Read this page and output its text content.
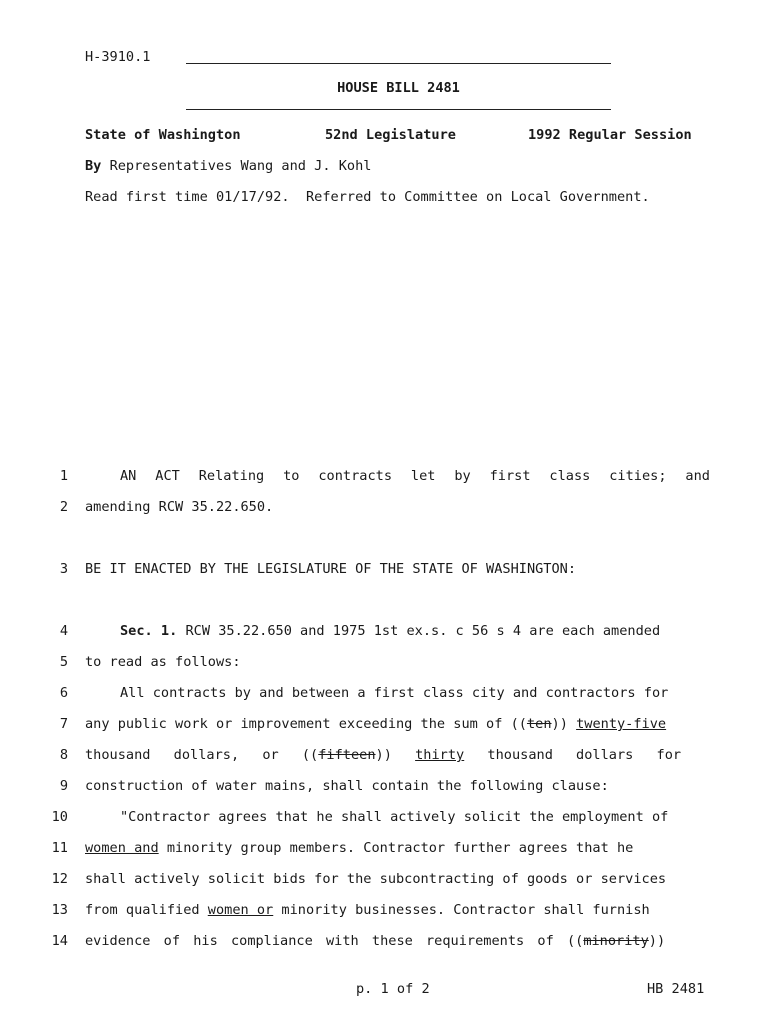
H-3910.1
HOUSE BILL 2481
State of Washington	52nd Legislature	1992 Regular Session
By Representatives Wang and J. Kohl
Read first time 01/17/92.  Referred to Committee on Local Government.
1	AN ACT Relating to contracts let by first class cities; and
2 amending RCW 35.22.650.
3 BE IT ENACTED BY THE LEGISLATURE OF THE STATE OF WASHINGTON:
4	Sec. 1. RCW 35.22.650 and 1975 1st ex.s. c 56 s 4 are each amended
5 to read as follows:
6	All contracts by and between a first class city and contractors for
7 any public work or improvement exceeding the sum of ((ten)) twenty-five
8 thousand dollars, or ((fifteen)) thirty thousand dollars for
9 construction of water mains, shall contain the following clause:
10	"Contractor agrees that he shall actively solicit the employment of
11 women and minority group members. Contractor further agrees that he
12 shall actively solicit bids for the subcontracting of goods or services
13 from qualified women or minority businesses. Contractor shall furnish
14 evidence of his compliance with these requirements of ((minority))
p. 1 of 2	HB 2481
